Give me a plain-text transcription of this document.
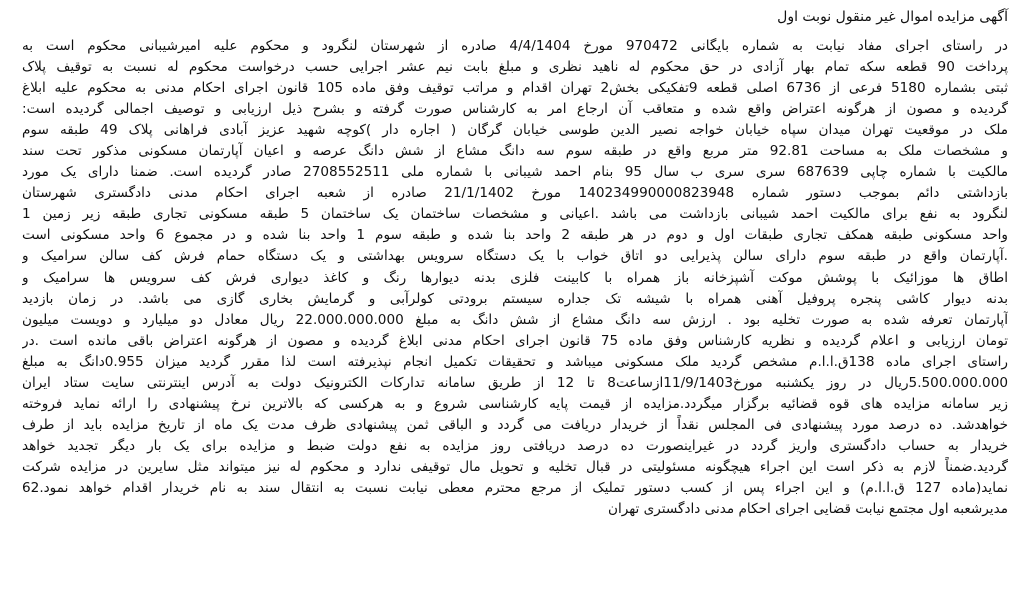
آگهی مزایده اموال غیر منقول نوبت اول
در راستای اجرای مفاد نیابت به شماره بایگانی 970472 مورخ 4/4/1404 صادره از شهرستان لنگرود و محکوم علیه امیرشیبانی محکوم است به
پرداخت 90 قطعه سکه تمام بهار آزادی در حق محکوم له ناهید نظری و مبلغ بابت نیم عشر اجرایی حسب درخواست محکوم له نسبت به توقیف پلاک
ثبتی بشماره 5180 فرعی از 6736 اصلی قطعه 9تفکیکی بخش2 تهران اقدام و مراتب توقیف وفق ماده 105 قانون اجرای احکام مدنی به محکوم علیه ابلاغ
گردیده و مصون از هرگونه اعتراض واقع شده و متعاقب آن ارجاع امر به کارشناس صورت گرفته و بشرح ذیل ارزیابی و توصیف اجمالی گردیده است:
ملک در موقعیت تهران میدان سپاه خیابان خواجه نصیر الدین طوسی خیابان گرگان ( اجاره دار )کوچه شهید عزیز آبادی فراهانی پلاک 49 طبقه سوم
و مشخصات ملک به مساحت 92.81 متر مربع واقع در طبقه سوم سه دانگ مشاع از شش دانگ عرصه و اعیان آپارتمان مسکونی مذکور تحت سند
مالکیت با شماره چاپی 687639 سری سری ب سال 95 بنام احمد شیبانی با شماره ملی 2708552511 صادر گردیده است. ضمنا دارای یک مورد
بازداشتی دائم بموجب دستور شماره 140234990000823948 مورخ 21/1/1402 صادره از شعبه اجرای احکام مدنی دادگستری شهرستان
لنگرود به نفع برای مالکیت احمد شیبانی بازداشت می باشد .اعیانی و مشخصات ساختمان یک ساختمان 5 طبقه مسکونی تجاری طبقه زیر زمین 1
واحد مسکونی طبقه همکف تجاری طبقات اول و دوم در هر طبقه 2 واحد بنا شده و طبقه سوم 1 واحد بنا شده و در مجموع 6 واحد مسکونی است
.آپارتمان واقع در طبقه سوم دارای سالن پذیرایی دو اتاق خواب با یک دستگاه سرویس بهداشتی و یک دستگاه حمام فرش کف سالن سرامیک و
اطاق ها موزائیک با پوشش موکت آشپزخانه باز همراه با کابینت فلزی بدنه دیوارها رنگ و کاغذ دیواری فرش کف سرویس ها سرامیک و
بدنه دیوار کاشی پنجره پروفیل آهنی همراه با شیشه تک جداره سیستم برودتی کولرآبی و گرمایش بخاری گازی می باشد. در زمان بازدید
آپارتمان تعرفه شده به صورت تخلیه بود . ارزش سه دانگ مشاع از شش دانگ به مبلغ 22.000.000.000 ریال معادل دو میلیارد و دویست میلیون
تومان ارزیابی و اعلام گردیده و نظریه کارشناس وفق ماده 75 قانون اجرای احکام مدنی ابلاغ گردیده و مصون از هرگونه اعتراض باقی مانده است .در
راستای اجرای ماده 138ق.ا.ا.م مشخص گردید ملک مسکونی میباشد و تحقیقات تکمیل انجام نپذیرفته است لذا مقرر گردید میزان 0.955دانگ به مبلغ
5.500.000.000ریال در روز یکشنبه مورخ11/9/1403ازساعت8 تا 12 از طریق سامانه تدارکات الکترونیک دولت به آدرس اینترنتی سایت ستاد ایران
زیر سامانه مزایده های قوه قضائیه برگزار میگردد.مزایده از قیمت پایه کارشناسی شروع و به هرکسی که بالاترین نرخ پیشنهادی را ارائه نماید فروخته
خواهدشد. ده درصد مورد پیشنهادی فی المجلس نقداً از خریدار دریافت می گردد و الباقی ثمن پیشنهادی ظرف مدت یک ماه از تاریخ مزایده باید از طرف
خریدار به حساب دادگستری واریز گردد در غیراینصورت ده درصد دریافتی روز مزایده به نفع دولت ضبط و مزایده برای یک بار دیگر تجدید خواهد
گردید.ضمناً لازم به ذکر است این اجراء هیچگونه مسئولیتی در قبال تخلیه و تحویل مال توقیفی ندارد و محکوم له نیز میتواند مثل سایرین در مزایده شرکت
نماید(ماده 127 ق.ا.ا.م) و این اجراء پس از کسب دستور تملیک از مرجع محترم معطی نیابت نسبت به انتقال سند به نام خریدار اقدام خواهد نمود.62
مدیرشعبه اول مجتمع نیابت قضایی اجرای احکام مدنی دادگستری تهران
